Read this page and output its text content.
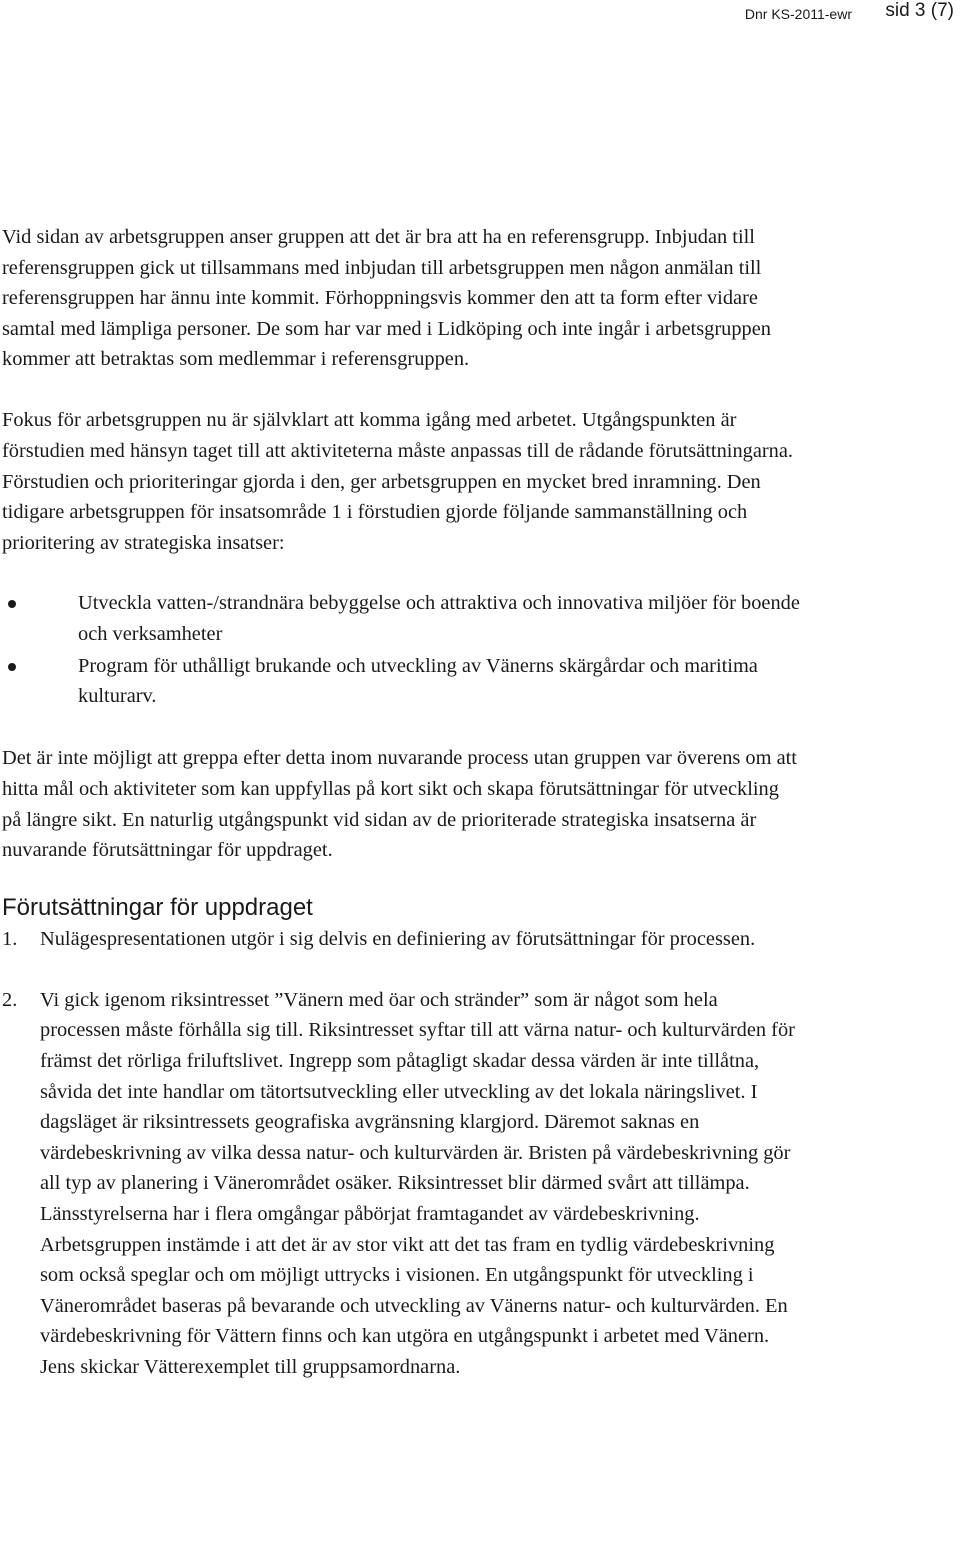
Dnr KS-2011-ewr sid 3 (7)

Vid sidan av arbetsgruppen anser gruppen att det är bra att ha en referensgrupp. Inbjudan till referensgruppen gick ut tillsammans med inbjudan till arbetsgruppen men någon anmälan till referensgruppen har ännu inte kommit. Förhoppningsvis kommer den att ta form efter vidare samtal med lämpliga personer. De som har var med i Lidköping och inte ingår i arbetsgruppen kommer att betraktas som medlemmar i referensgruppen.

Fokus för arbetsgruppen nu är självklart att komma igång med arbetet. Utgångspunkten är förstudien med hänsyn taget till att aktiviteterna måste anpassas till de rådande förutsättningarna. Förstudien och prioriteringar gjorda i den, ger arbetsgruppen en mycket bred inramning. Den tidigare arbetsgruppen för insatsområde 1 i förstudien gjorde följande sammanställning och prioritering av strategiska insatser:

Utveckla vatten-/strandnära bebyggelse och attraktiva och innovativa miljöer för boende och verksamheter
Program för uthålligt brukande och utveckling av Vänerns skärgårdar och maritima kulturarv.

Det är inte möjligt att greppa efter detta inom nuvarande process utan gruppen var överens om att hitta mål och aktiviteter som kan uppfyllas på kort sikt och skapa förutsättningar för utveckling på längre sikt. En naturlig utgångspunkt vid sidan av de prioriterade strategiska insatserna är nuvarande förutsättningar för uppdraget.

Förutsättningar för uppdraget
1. Nulägespresentationen utgör i sig delvis en definiering av förutsättningar för processen.
2. Vi gick igenom riksintresset ”Vänern med öar och stränder” som är något som hela processen måste förhålla sig till. Riksintresset syftar till att värna natur- och kulturvärden för främst det rörliga friluftslivet. Ingrepp som påtagligt skadar dessa värden är inte tillåtna, såvida det inte handlar om tätortsutveckling eller utveckling av det lokala näringslivet. I dagsläget är riksintressets geografiska avgränsning klargjord. Däremot saknas en värdebeskrivning av vilka dessa natur- och kulturvärden är. Bristen på värdebeskrivning gör all typ av planering i Vänerområdet osäker. Riksintresset blir därmed svårt att tillämpa. Länsstyrelserna har i flera omgångar påbörjat framtagandet av värdebeskrivning. Arbetsgruppen instämde i att det är av stor vikt att det tas fram en tydlig värdebeskrivning som också speglar och om möjligt uttrycks i visionen. En utgångspunkt för utveckling i Vänerområdet baseras på bevarande och utveckling av Vänerns natur- och kulturvärden. En värdebeskrivning för Vättern finns och kan utgöra en utgångspunkt i arbetet med Vänern. Jens skickar Vätterexemplet till gruppsamordnarna.
